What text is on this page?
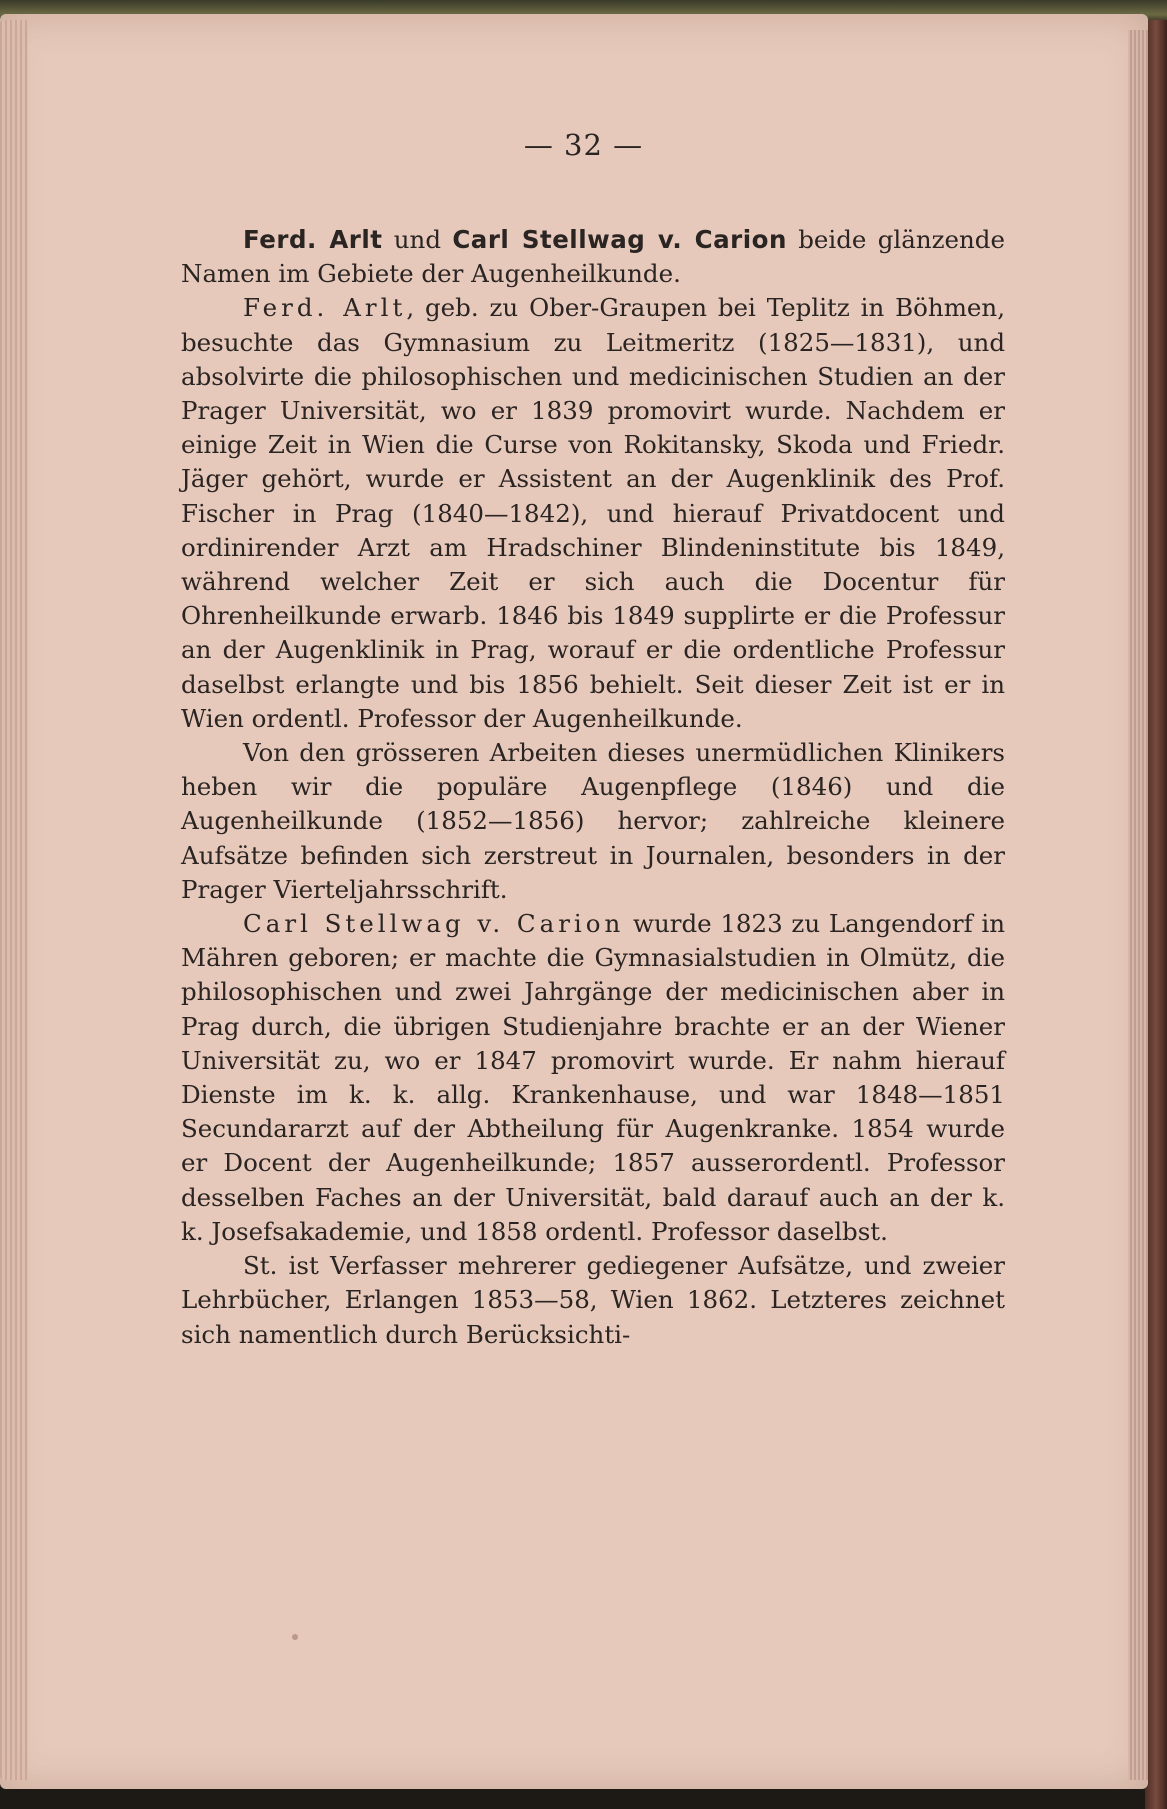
— 32 —

Ferd. Arlt und Carl Stellwag v. Carion beide glänzende Namen im Gebiete der Augenheilkunde.

Ferd. Arlt, geb. zu Ober-Graupen bei Teplitz in Böhmen, besuchte das Gymnasium zu Leitmeritz (1825—1831), und absolvirte die philosophischen und medicinischen Studien an der Prager Universität, wo er 1839 promovirt wurde. Nachdem er einige Zeit in Wien die Curse von Rokitansky, Skoda und Friedr. Jäger gehört, wurde er Assistent an der Augenklinik des Prof. Fischer in Prag (1840—1842), und hierauf Privatdocent und ordinirender Arzt am Hradschiner Blindeninstitute bis 1849, während welcher Zeit er sich auch die Docentur für Ohrenheilkunde erwarb. 1846 bis 1849 supplirte er die Professur an der Augenklinik in Prag, worauf er die ordentliche Professur daselbst erlangte und bis 1856 behielt. Seit dieser Zeit ist er in Wien ordentl. Professor der Augenheilkunde.

Von den grösseren Arbeiten dieses unermüdlichen Klinikers heben wir die populäre Augenpflege (1846) und die Augenheilkunde (1852—1856) hervor; zahlreiche kleinere Aufsätze befinden sich zerstreut in Journalen, besonders in der Prager Vierteljahrsschrift.

Carl Stellwag v. Carion wurde 1823 zu Langendorf in Mähren geboren; er machte die Gymnasialstudien in Olmütz, die philosophischen und zwei Jahrgänge der medicinischen aber in Prag durch, die übrigen Studienjahre brachte er an der Wiener Universität zu, wo er 1847 promovirt wurde. Er nahm hierauf Dienste im k. k. allg. Krankenhause, und war 1848—1851 Secundararzt auf der Abtheilung für Augenkranke. 1854 wurde er Docent der Augenheilkunde; 1857 ausserordentl. Professor desselben Faches an der Universität, bald darauf auch an der k. k. Josefsakademie, und 1858 ordentl. Professor daselbst.

St. ist Verfasser mehrerer gediegener Aufsätze, und zweier Lehrbücher, Erlangen 1853—58, Wien 1862. Letzteres zeichnet sich namentlich durch Berücksichti-
